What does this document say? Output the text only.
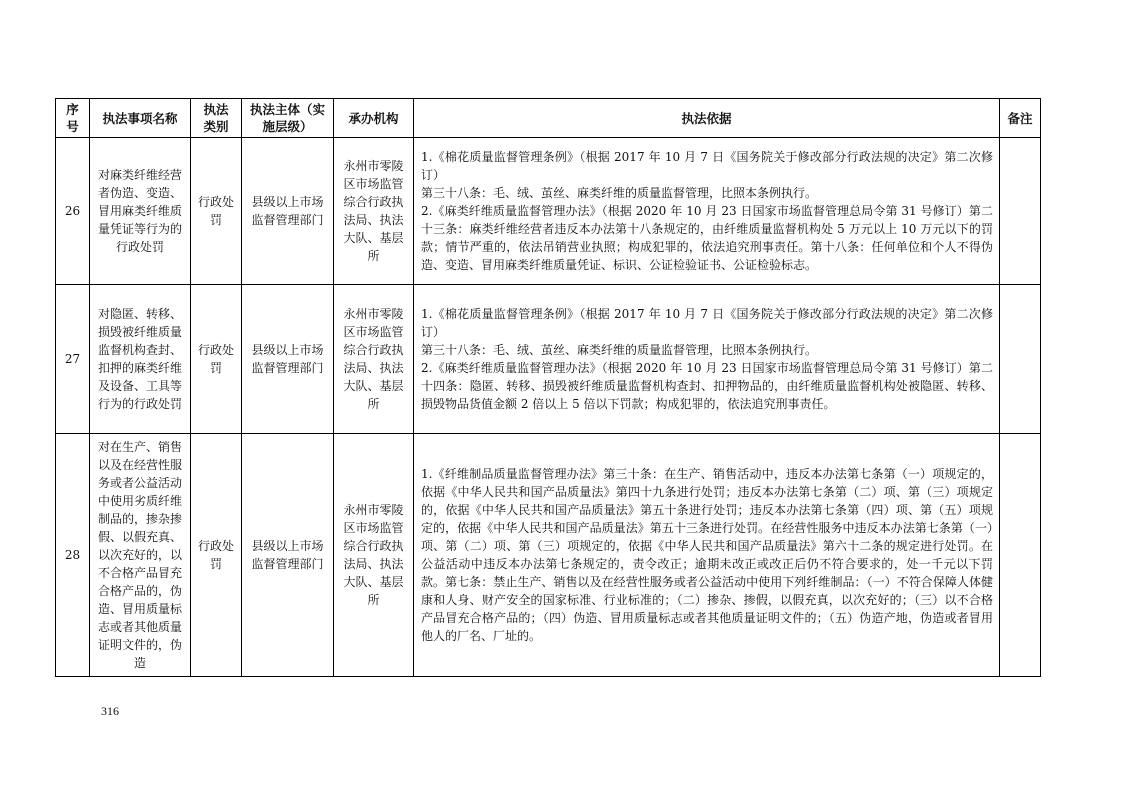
序号	执法事项名称	执法类别	执法主体（实施层级）	承办机构	执法依据	备注
26	对麻类纤维经营者伪造、变造、冒用麻类纤维质量凭证等行为的行政处罚	行政处罚	县级以上市场监督管理部门	永州市零陵区市场监管综合行政执法局、执法大队、基层所	1.《棉花质量监督管理条例》（根据 2017 年 10 月 7 日《国务院关于修改部分行政法规的决定》第二次修订）

第三十八条：毛、绒、茧丝、麻类纤维的质量监督管理，比照本条例执行。

2.《麻类纤维质量监督管理办法》（根据 2020 年 10 月 23 日国家市场监督管理总局令第 31 号修订）第二十三条：麻类纤维经营者违反本办法第十八条规定的，由纤维质量监督机构处 5 万元以上 10 万元以下的罚款；情节严重的，依法吊销营业执照；构成犯罪的，依法追究刑事责任。第十八条：任何单位和个人不得伪造、变造、冒用麻类纤维质量凭证、标识、公证检验证书、公证检验标志。	

27	对隐匿、转移、损毁被纤维质量监督机构查封、扣押的麻类纤维及设备、工具等行为的行政处罚	行政处罚	县级以上市场监督管理部门	永州市零陵区市场监管综合行政执法局、执法大队、基层所	1.《棉花质量监督管理条例》（根据 2017 年 10 月 7 日《国务院关于修改部分行政法规的决定》第二次修订）

第三十八条：毛、绒、茧丝、麻类纤维的质量监督管理，比照本条例执行。

2.《麻类纤维质量监督管理办法》（根据 2020 年 10 月 23 日国家市场监督管理总局令第 31 号修订）第二十四条：隐匿、转移、损毁被纤维质量监督机构查封、扣押物品的，由纤维质量监督机构处被隐匿、转移、损毁物品货值金额 2 倍以上 5 倍以下罚款；构成犯罪的，依法追究刑事责任。	

28	对在生产、销售以及在经营性服务或者公益活动中使用劣质纤维制品的，掺杂掺假、以假充真、以次充好的，以不合格产品冒充合格产品的，伪造、冒用质量标志或者其他质量证明文件的，伪造	行政处罚	县级以上市场监督管理部门	永州市零陵区市场监管综合行政执法局、执法大队、基层所	1.《纤维制品质量监督管理办法》第三十条：在生产、销售活动中，违反本办法第七条第（一）项规定的，依据《中华人民共和国产品质量法》第四十九条进行处罚；违反本办法第七条第（二）项、第（三）项规定的，依据《中华人民共和国产品质量法》第五十条进行处罚；违反本办法第七条第（四）项、第（五）项规定的，依据《中华人民共和国产品质量法》第五十三条进行处罚。在经营性服务中违反本办法第七条第（一）项、第（二）项、第（三）项规定的，依据《中华人民共和国产品质量法》第六十二条的规定进行处罚。在公益活动中违反本办法第七条规定的，责令改正；逾期未改正或改正后仍不符合要求的，处一千元以下罚款。第七条：禁止生产、销售以及在经营性服务或者公益活动中使用下列纤维制品：（一）不符合保障人体健康和人身、财产安全的国家标准、行业标准的；（二）掺杂、掺假，以假充真，以次充好的；（三）以不合格产品冒充合格产品的；（四）伪造、冒用质量标志或者其他质量证明文件的；（五）伪造产地，伪造或者冒用他人的厂名、厂址的。	

316
